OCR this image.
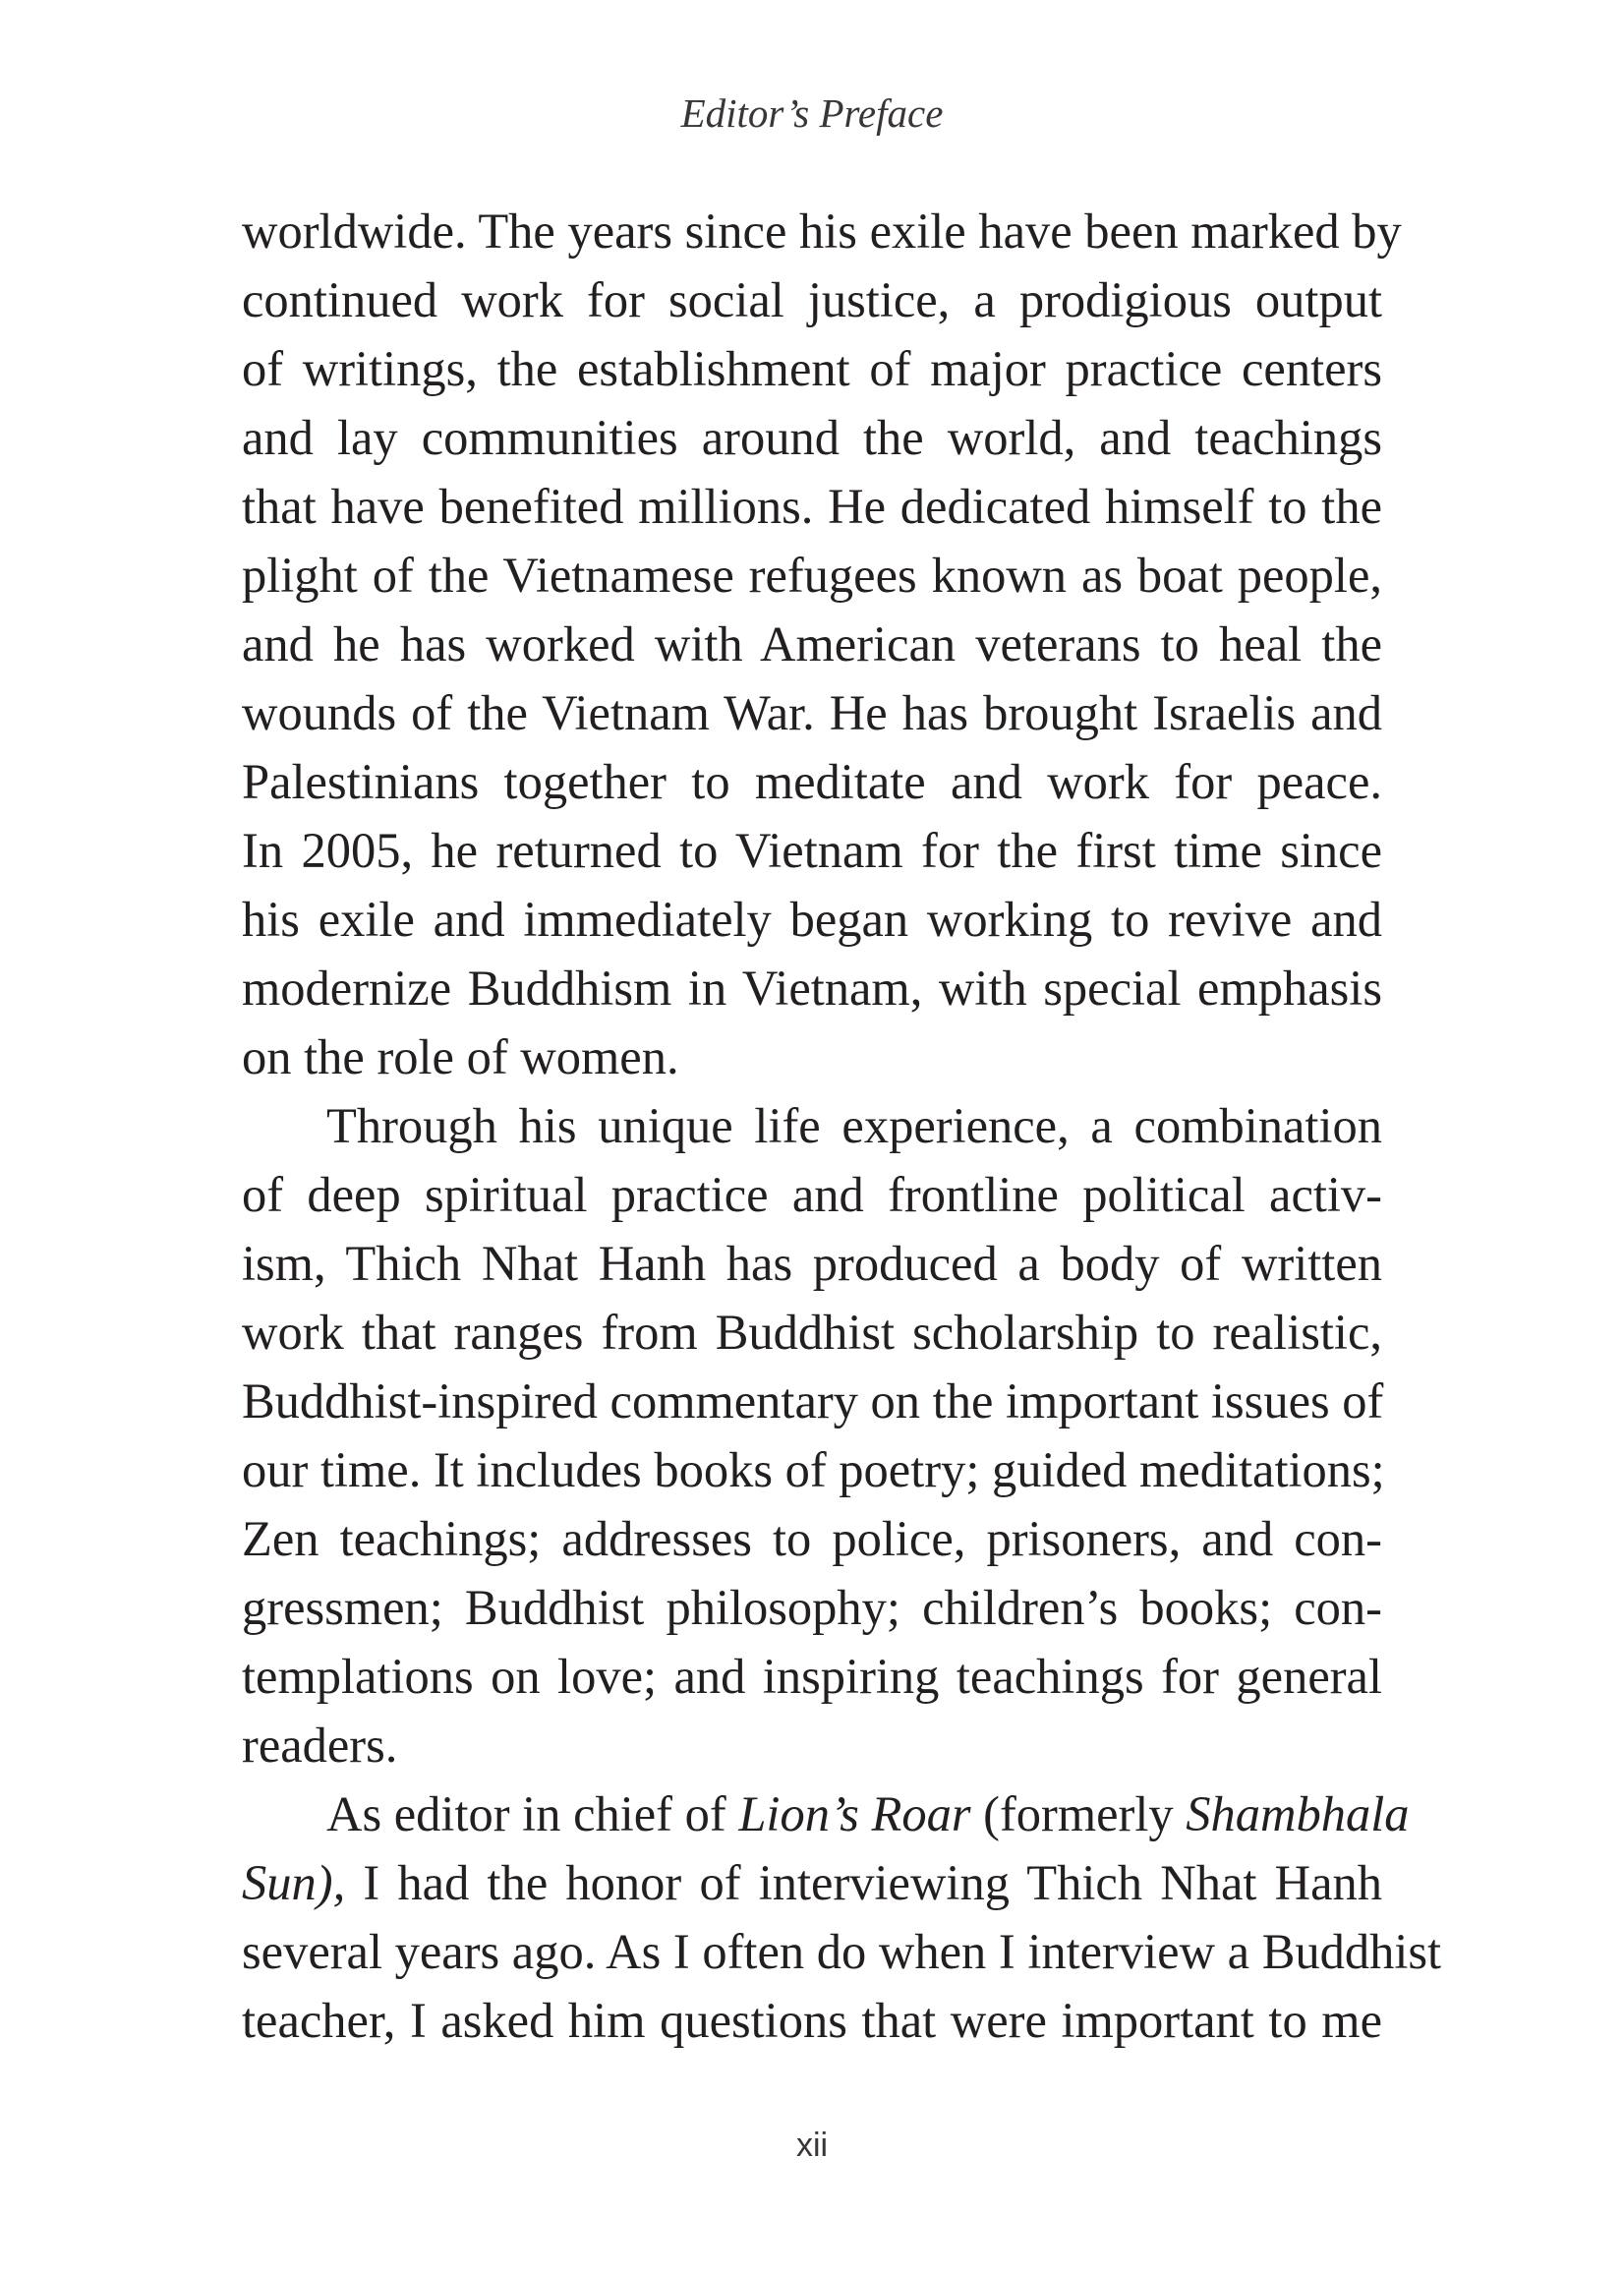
Editor’s Preface
worldwide. The years since his exile have been marked by
continued work for social justice, a prodigious output
of writings, the establishment of major practice centers
and lay communities around the world, and teachings
that have benefited millions. He dedicated himself to the
plight of the Vietnamese refugees known as boat people,
and he has worked with American veterans to heal the
wounds of the Vietnam War. He has brought Israelis and
Palestinians together to meditate and work for peace.
In 2005, he returned to Vietnam for the first time since
his exile and immediately began working to revive and
modernize Buddhism in Vietnam, with special emphasis
on the role of women.
Through his unique life experience, a combination
of deep spiritual practice and frontline political activ-
ism, Thich Nhat Hanh has produced a body of written
work that ranges from Buddhist scholarship to realistic,
Buddhist-inspired commentary on the important issues of
our time. It includes books of poetry; guided meditations;
Zen teachings; addresses to police, prisoners, and con-
gressmen; Buddhist philosophy; children’s books; con-
templations on love; and inspiring teachings for general
readers.
As editor in chief of Lion’s Roar (formerly Shambhala
Sun), I had the honor of interviewing Thich Nhat Hanh
several years ago. As I often do when I interview a Buddhist
teacher, I asked him questions that were important to me
xii
